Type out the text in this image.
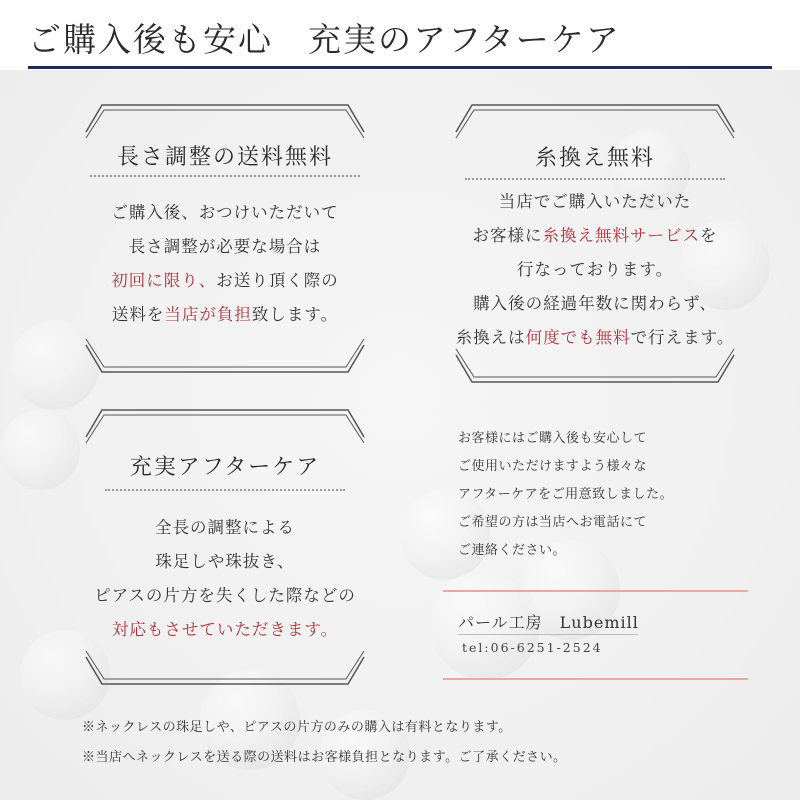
ご購入後も安心　充実のアフターケア
長さ調整の送料無料
ご購入後、おつけいただいて
長さ調整が必要な場合は
初回に限り、お送り頂く際の
送料を当店が負担致します。
糸換え無料
当店でご購入いただいた
お客様に糸換え無料サービスを
行なっております。
購入後の経過年数に関わらず、
糸換えは何度でも無料で行えます。
充実アフターケア
全長の調整による
珠足しや珠抜き、
ピアスの片方を失くした際などの
対応もさせていただきます。
お客様にはご購入後も安心して
ご使用いただけますよう様々な
アフターケアをご用意致しました。
ご希望の方は当店へお電話にて
ご連絡ください。
パール工房　Lubemill
tel:06-6251-2524
※ネックレスの珠足しや、ピアスの片方のみの購入は有料となります。
※当店へネックレスを送る際の送料はお客様負担となります。ご了承ください。
